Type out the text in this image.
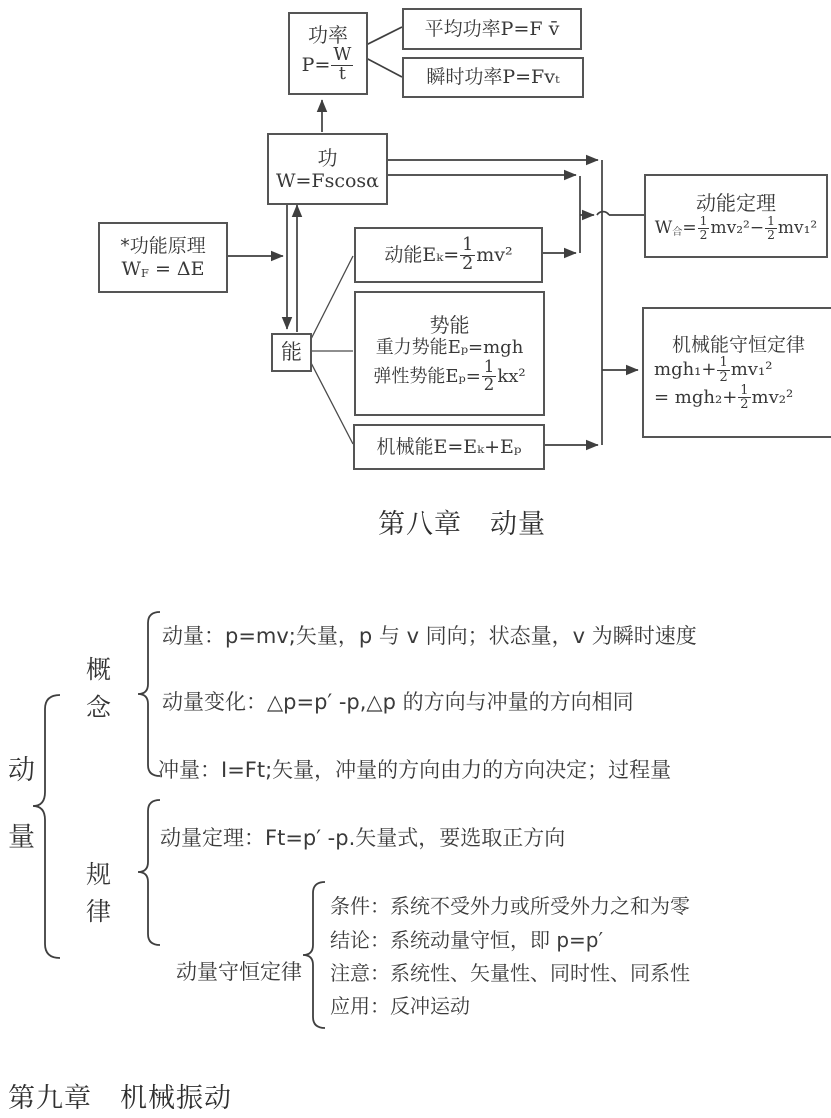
功率
$P= \frac{W}{t}$
平均功率 P=F v̄
瞬时功率 P=Fvₜ
功
W=Fscosα
*功能原理
W F
= ΔE
能
动能 $E_k= \frac{1}{2} mv^2$
势能
重力势能 Eₚ=mgh
弹性势能 $E_p= \frac{1}{2} kx^2$
机械能 E=Eₖ+Eₚ
动能定理
W 合 = $\frac{1}{2} mv_2^2- \frac{1}{2} mv_1^2$
机械能守恒定律
$mgh_1+ \frac{1}{2} mv_1^2$
= $mgh_2+ \frac{1}{2} mv_2^2$
第八章　动量
动
量
概
念
规
律
动量：p=mv;矢量，p 与 v 同向；状态量，v 为瞬时速度
动量变化：△p=p′ -p,△p 的方向与冲量的方向相同
冲量：I=Ft;矢量，冲量的方向由力的方向决定；过程量
动量定理：Ft=p′ -p.矢量式，要选取正方向
动量守恒定律
条件：系统不受外力或所受外力之和为零
结论：系统动量守恒，即 p=p′
注意：系统性、矢量性、同时性、同系性
应用：反冲运动
第九章　机械振动
